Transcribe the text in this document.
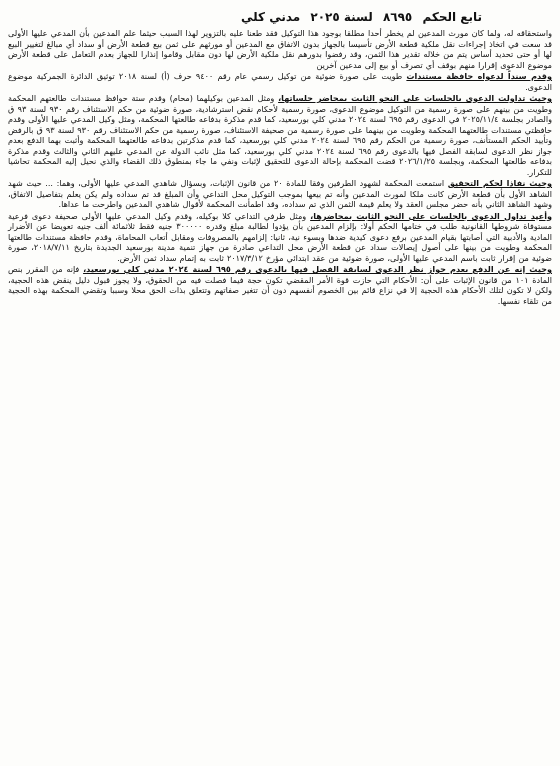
تابع الحكم ٨٦٩٥ لسنة ٢٠٢٥ مدني كلي

واستحقاقه له، ولما كان مورث المدعين لم يخطر أحدا مطلقا بوجود هذا التوكيل فقد طعنا عليه بالتزوير لهذا السبب حيثما علم المدعين بأن المدعي عليها الأولى قد سعت في اتخاذ إجراءات نقل ملكية قطعة الأرض تأسيسا بالجهاز بدون الاتفاق مع المدعين أو مورثهم على ثمن بيع قطعة الأرض أو سداد أي مبالغ لتغيير البيع لها أو حتى تحديد أساس يتم من خلاله تقدير هذا الثمن، وقد رفضوا بدورهم نقل ملكية الأرض لها دون مقابل وقاموا إنذارا للجهاز بعدم التعامل على قطعة الأرض موضوع الدعوى إقرارا منهم بوقف أي تصرف أو بيع إلى مدعين آخرين

وقدم سنداً لدعواه حافظة مستندات طويت على صورة ضوئية من توكيل رسمي عام رقم ٩٤٠٠ حرف (أ) لسنة ٢٠١٨ توثيق الدائرة الجمركية موضوع الدعوى.

وحيث تداولت الدعوى بالجلسات على النحو الثابت بمحاضر جلساتها، ومثل المدعين بوكيلهما (محام) وقدم ستة حوافظ مستندات طالعتهم المحكمة وطويت من بينهم على صورة رسمية من التوكيل موضوع الدعوى، صورة رسمية لأحكام نقض استرشادية، صورة ضوئية من حكم الاستئناف رقم ٩٣٠ لسنة ٩٣ ق والصادر بجلسة ٢٠٢٥/١١/٤ في الدعوى رقم ٦٩٥ لسنة ٢٠٢٤ مدني كلي بورسعيد، كما قدم مذكرة بدفاعه طالعتها المحكمة، ومثل وكيل المدعي عليها الأولى وقدم حافظتي مستندات طالعتهما المحكمة وطويت من بينهما على صورة رسمية من صحيفة الاستئناف، صورة رسمية من حكم الاستئناف رقم ٩٣٠ لسنة ٩٣ ق بالرفض وتأييد الحكم المستأنف، صورة رسمية من الحكم رقم ٦٩٥ لسنة ٢٠٢٤ مدني كلي بورسعيد، كما قدم مذكرتين بدفاعه طالعتهما المحكمة وأثبت بهما الدفع بعدم جواز نظر الدعوى لسابقة الفصل فيها بالدعوى رقم ٦٩٥ لسنة ٢٠٢٤ مدني كلي بورسعيد، كما مثل نائب الدولة عن المدعي عليهم الثاني والثالث وقدم مذكرة بدفاعه طالعتها المحكمة، وبجلسة ٢٠٢٦/١/٢٥ قضت المحكمة بإحالة الدعوى للتحقيق لإثبات ونفي ما جاء بمنطوق ذلك القضاء والذي نحيل إليه المحكمة تحاشيا للتكرار.

وحيث نفاذا لحكم التحقيق استمعت المحكمة لشهود الطرفين وفقا للمادة ٢٠ من قانون الإثبات، وبسؤال شاهدي المدعي عليها الأولى، وهما: ... حيث شهد الشاهد الأول بأن قطعة الأرض كانت ملكا لمورث المدعين وأنه تم بيعها بموجب التوكيل محل التداعي وأن المبلغ قد تم سداده ولم يكن يعلم بتفاصيل الاتفاق، وشهد الشاهد الثاني بأنه حضر مجلس العقد ولا يعلم قيمة الثمن الذي تم سداده، وقد اطمأنت المحكمة لأقوال شاهدي المدعين واطرحت ما عداها.

وأعيد تداول الدعوى بالجلسات على النحو الثابت بمحاضرها، ومثل طرفي التداعي كلا بوكيله، وقدم وكيل المدعي عليها الأولى صحيفة دعوى فرعية مستوفاة شروطها القانونية طلب في ختامها الحكم أولا: بإلزام المدعين بأن يؤدوا لطالبة مبلغ وقدره ٣٠٠٠٠٠ جنيه فقط ثلاثمائة ألف جنيه تعويضا عن الأضرار المادية والأدبية التي أصابتها بقيام المدعين برفع دعوى كيدية ضدها وبسوء نية، ثانيا: إلزامهم بالمصروفات ومقابل أتعاب المحاماة، وقدم حافظة مستندات طالعتها المحكمة وطويت من بينها على أصول إيصالات سداد عن قطعة الأرض محل التداعي صادرة من جهاز تنمية مدينة بورسعيد الجديدة بتاريخ ٢٠١٨/٧/١١، صورة ضوئية من إقرار ثابت باسم المدعي عليها الأولى، صورة ضوئية من عقد ابتدائي مؤرخ ٢٠١٧/٣/١٢ ثابت به إتمام سداد ثمن الأرض.

وحيث إنه عن الدفع بعدم جواز نظر الدعوى لسابقة الفصل فيها بالدعوى رقم ٦٩٥ لسنة ٢٠٢٤ مدني كلي بورسعيد، فإنه من المقرر بنص المادة ١٠١ من قانون الإثبات على أن: الأحكام التي حازت قوة الأمر المقضي تكون حجة فيما فصلت فيه من الحقوق، ولا يجوز قبول دليل ينقض هذه الحجية، ولكن لا تكون لتلك الأحكام هذه الحجية إلا في نزاع قائم بين الخصوم أنفسهم دون أن تتغير صفاتهم وتتعلق بذات الحق محلا وسببا وتقضي المحكمة بهذه الحجية من تلقاء نفسها.
